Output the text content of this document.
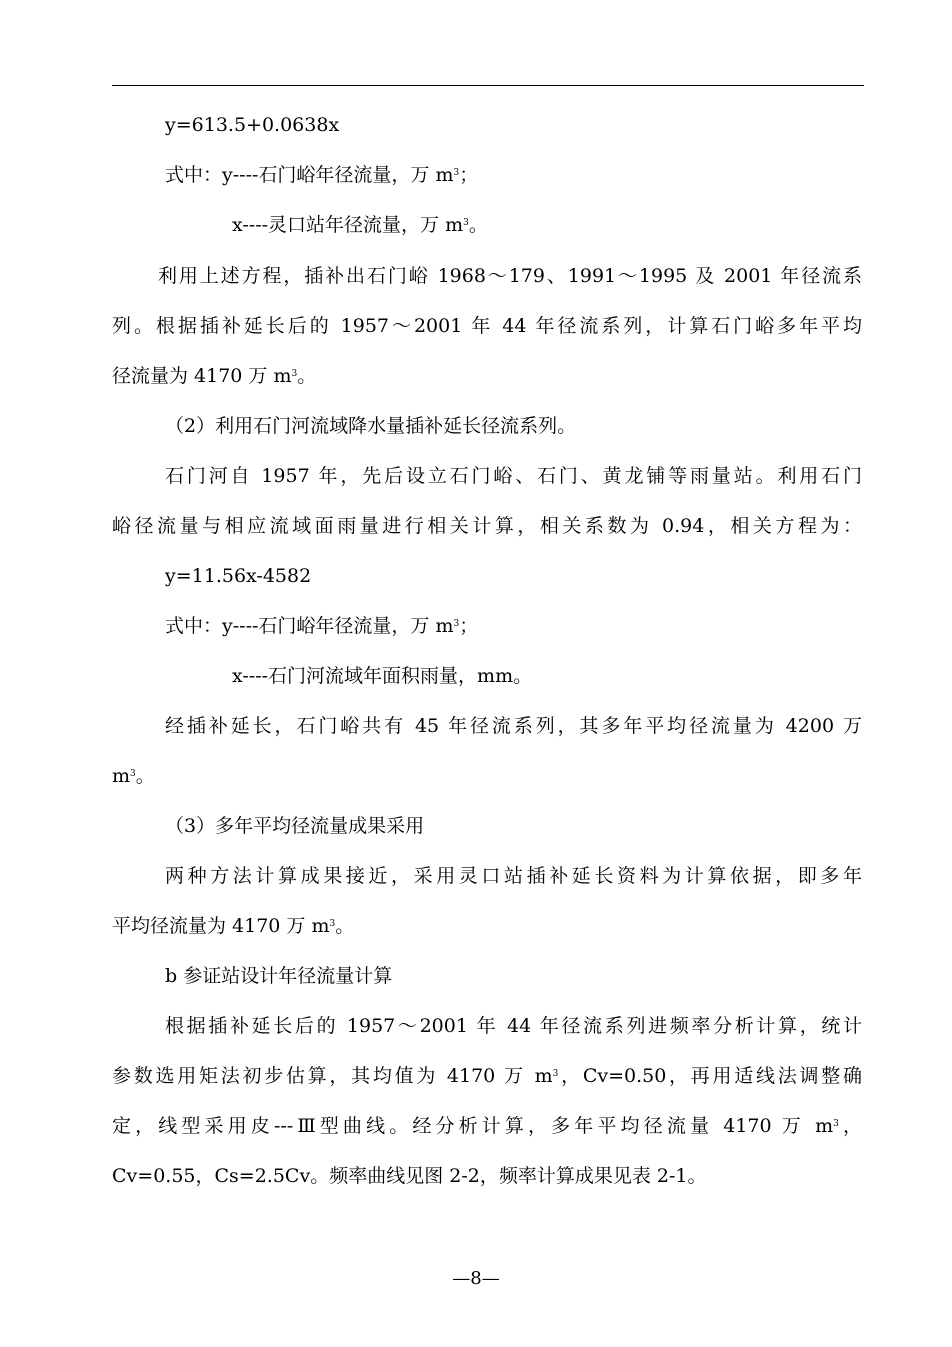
y=613.5+0.0638x
式中：y----石门峪年径流量，万 $m^3$；
x----灵口站年径流量，万 $m^3$。
利用上述方程，插补出石门峪 1968～179、1991～1995 及 2001 年径流系
列。根据插补延长后的 1957～2001 年 44 年径流系列，计算石门峪多年平均
径流量为 4170 万 $m^3$。
（2）利用石门河流域降水量插补延长径流系列。
石门河自 1957 年，先后设立石门峪、石门、黄龙铺等雨量站。利用石门
峪径流量与相应流域面雨量进行相关计算，相关系数为 0.94，相关方程为：
y=11.56x-4582
式中：y----石门峪年径流量，万 $m^3$；
x----石门河流域年面积雨量，mm。
经插补延长，石门峪共有 45 年径流系列，其多年平均径流量为 4200 万
$m^3$。
（3）多年平均径流量成果采用
两种方法计算成果接近，采用灵口站插补延长资料为计算依据，即多年
平均径流量为 4170 万 $m^3$。
b 参证站设计年径流量计算
根据插补延长后的 1957～2001 年 44 年径流系列进频率分析计算，统计
参数选用矩法初步估算，其均值为 4170 万 $m^3$，Cv=0.50，再用适线法调整确
定，线型采用皮---Ⅲ型曲线。经分析计算，多年平均径流量 4170 万 $m^3$，
Cv=0.55，Cs=2.5Cv。频率曲线见图 2-2，频率计算成果见表 2-1。
—8—
